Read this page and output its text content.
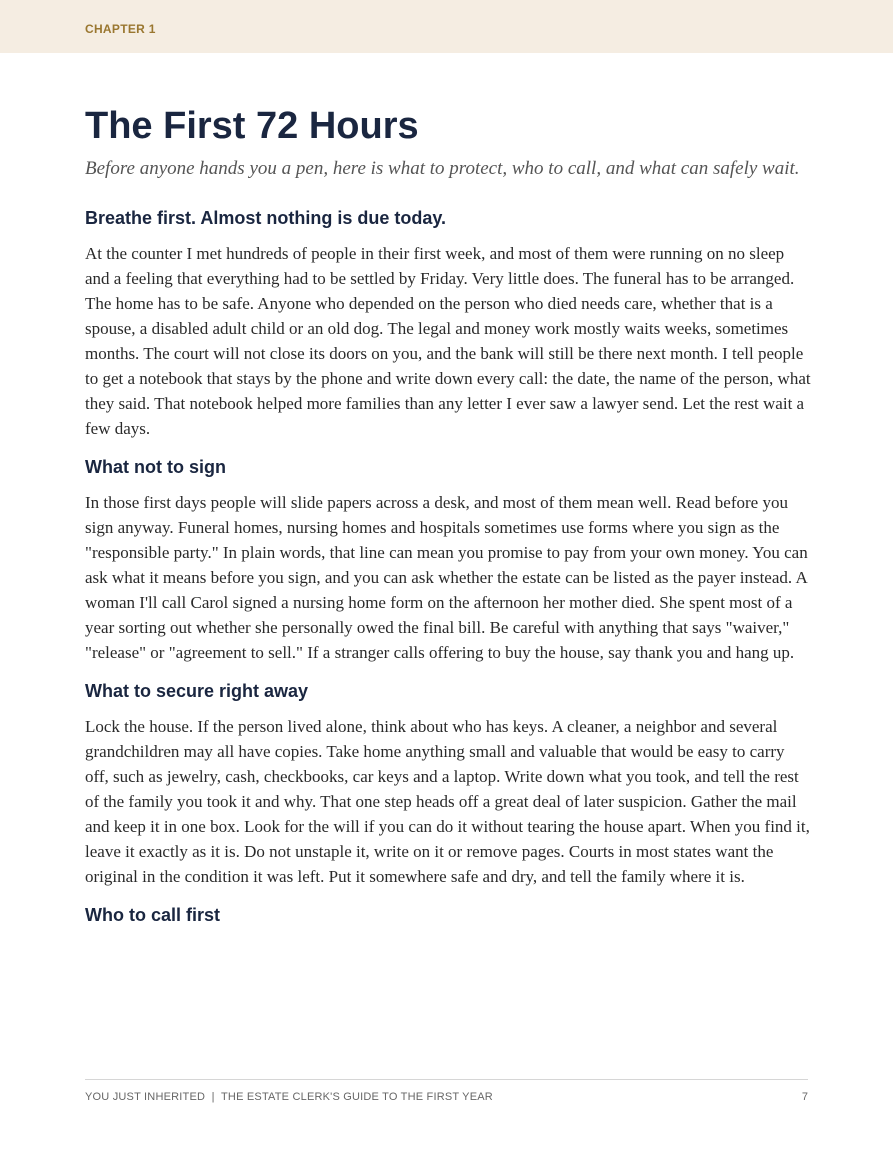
CHAPTER 1
The First 72 Hours

Before anyone hands you a pen, here is what to protect, who to call, and what can safely wait.

Breathe first. Almost nothing is due today.

At the counter I met hundreds of people in their first week, and most of them were running on no sleep and a feeling that everything had to be settled by Friday. Very little does. The funeral has to be arranged. The home has to be safe. Anyone who depended on the person who died needs care, whether that is a spouse, a disabled adult child or an old dog. The legal and money work mostly waits weeks, sometimes months. The court will not close its doors on you, and the bank will still be there next month. I tell people to get a notebook that stays by the phone and write down every call: the date, the name of the person, what they said. That notebook helped more families than any letter I ever saw a lawyer send. Let the rest wait a few days.

What not to sign

In those first days people will slide papers across a desk, and most of them mean well. Read before you sign anyway. Funeral homes, nursing homes and hospitals sometimes use forms where you sign as the "responsible party." In plain words, that line can mean you promise to pay from your own money. You can ask what it means before you sign, and you can ask whether the estate can be listed as the payer instead. A woman I'll call Carol signed a nursing home form on the afternoon her mother died. She spent most of a year sorting out whether she personally owed the final bill. Be careful with anything that says "waiver," "release" or "agreement to sell." If a stranger calls offering to buy the house, say thank you and hang up.

What to secure right away

Lock the house. If the person lived alone, think about who has keys. A cleaner, a neighbor and several grandchildren may all have copies. Take home anything small and valuable that would be easy to carry off, such as jewelry, cash, checkbooks, car keys and a laptop. Write down what you took, and tell the rest of the family you took it and why. That one step heads off a great deal of later suspicion. Gather the mail and keep it in one box. Look for the will if you can do it without tearing the house apart. When you find it, leave it exactly as it is. Do not unstaple it, write on it or remove pages. Courts in most states want the original in the condition it was left. Put it somewhere safe and dry, and tell the family where it is.

Who to call first
YOU JUST INHERITED  |  THE ESTATE CLERK'S GUIDE TO THE FIRST YEAR	7
